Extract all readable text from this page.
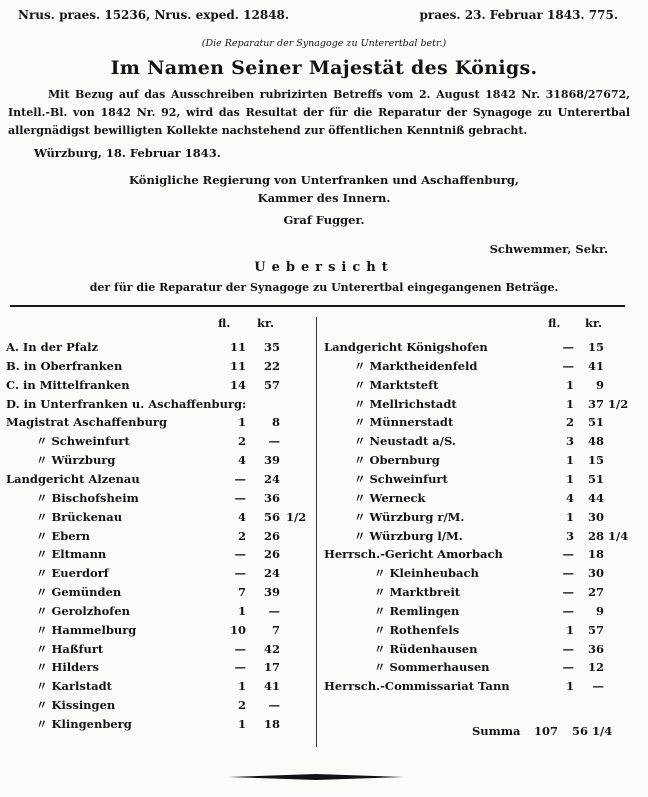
Nrus. praes. 15236, Nrus. exped. 12848.	praes. 23. Februar 1843. 775.
(Die Reparatur der Synagoge zu Unterertbal betr.)
Im Namen Seiner Majestät des Königs.
Mit Bezug auf das Ausschreiben rubrizirten Betreffs vom 2. August 1842 Nr. 31868/27672, Intell.-Bl. von 1842 Nr. 92, wird das Resultat der für die Reparatur der Synagoge zu Unterertbal allergnädigst bewilligten Kollekte nachstehend zur öffentlichen Kenntniß gebracht.
Würzburg, 18. Februar 1843.
Königliche Regierung von Unterfranken und Aschaffenburg,
Kammer des Innern.
Graf Fugger.
Schwemmer, Sekr.
Uebersicht
der für die Reparatur der Synagoge zu Unterertbal eingegangenen Beträge.
fl. kr.	fl. kr.
A. In der Pfalz	11	35
B. in Oberfranken	11	22
C. in Mittelfranken	14	57
D. in Unterfranken u. Aschaffenburg:
Magistrat Aschaffenburg	1	8
〃 Schweinfurt	2	—
〃 Würzburg	4	39
Landgericht Alzenau	—	24
〃 Bischofsheim	—	36
〃 Brückenau	4	56 1/2
〃 Ebern	2	26
〃 Eltmann	—	26
〃 Euerdorf	—	24
〃 Gemünden	7	39
〃 Gerolzhofen	1	—
〃 Hammelburg	10	7
〃 Haßfurt	—	42
〃 Hilders	—	17
〃 Karlstadt	1	41
〃 Kissingen	2	—
〃 Klingenberg	1	18
Landgericht Königshofen	—	15
〃 Marktheidenfeld	—	41
〃 Marktsteft	1	9
〃 Mellrichstadt	1	37 1/2
〃 Münnerstadt	2	51
〃 Neustadt a/S.	3	48
〃 Obernburg	1	15
〃 Schweinfurt	1	51
〃 Werneck	4	44
〃 Würzburg r/M.	1	30
〃 Würzburg l/M.	3	28 1/4
Herrsch.-Gericht Amorbach	—	18
〃 Kleinheubach	—	30
〃 Marktbreit	—	27
〃 Remlingen	—	9
〃 Rothenfels	1	57
〃 Rüdenhausen	—	36
〃 Sommerhausen	—	12
Herrsch.-Commissariat Tann	1	—
Summa	107	56 1/4
